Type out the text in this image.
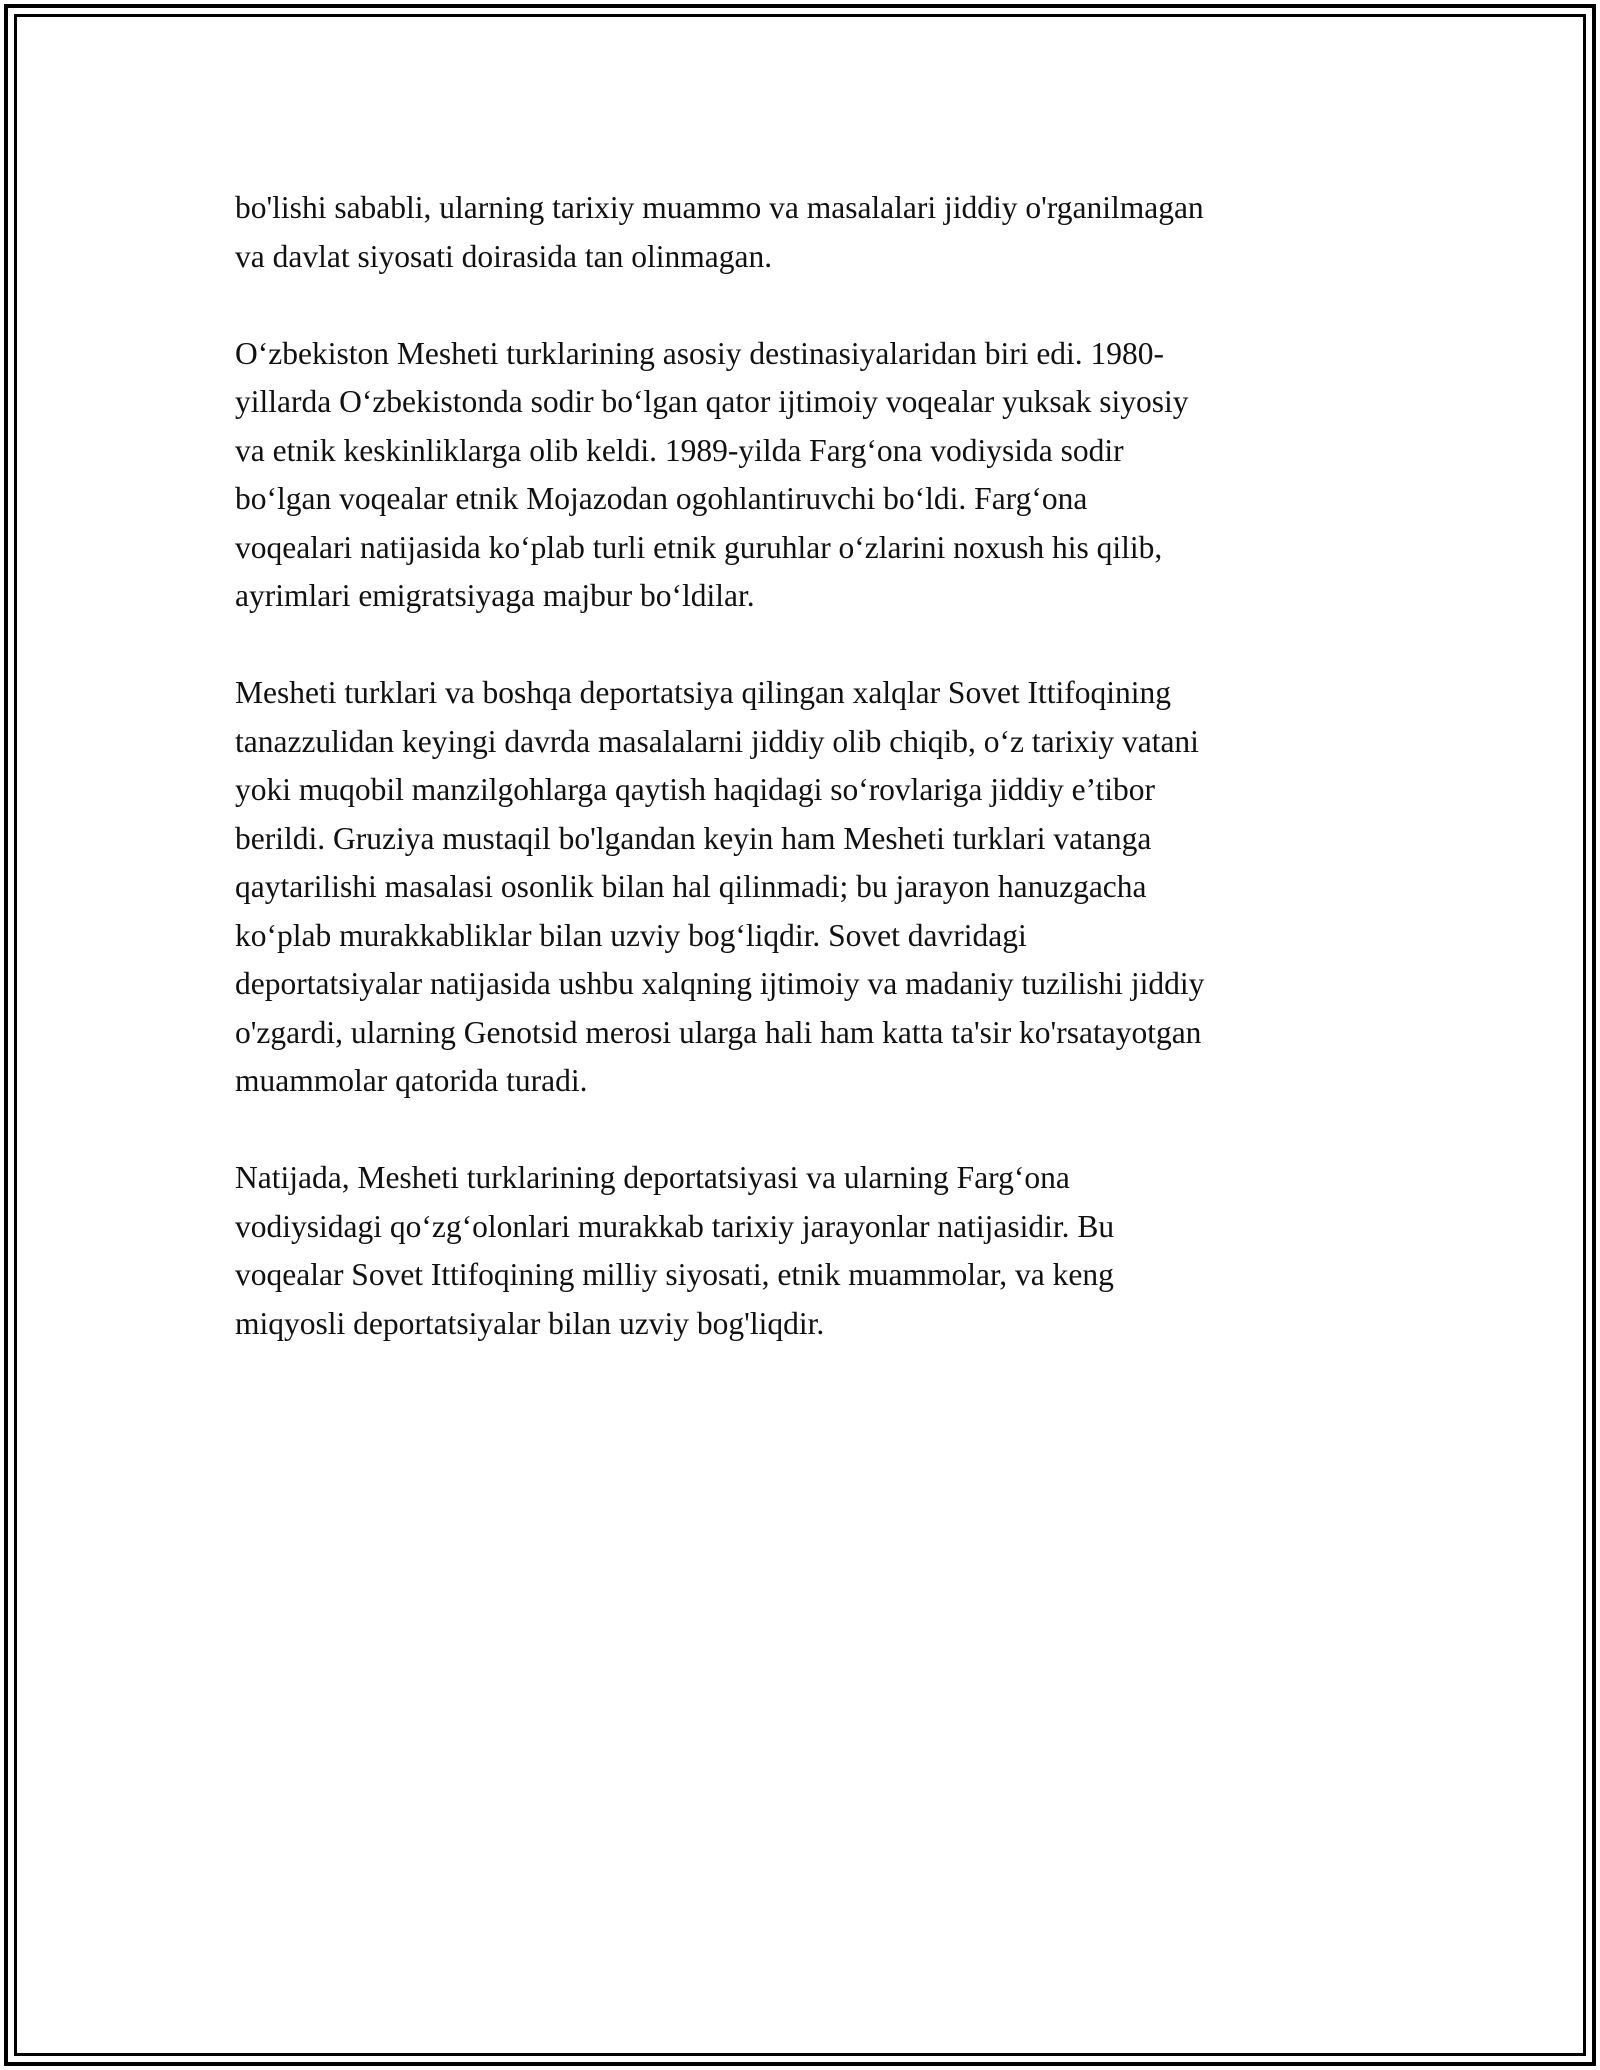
bo'lishi sababli, ularning tarixiy muammo va masalalari jiddiy o'rganilmagan
va davlat siyosati doirasida tan olinmagan.

O‘zbekiston Mesheti turklarining asosiy destinasiyalaridan biri edi. 1980-
yillarda O‘zbekistonda sodir bo‘lgan qator ijtimoiy voqealar yuksak siyosiy
va etnik keskinliklarga olib keldi. 1989-yilda Farg‘ona vodiysida sodir
bo‘lgan voqealar etnik Mojazodan ogohlantiruvchi bo‘ldi. Farg‘ona
voqealari natijasida ko‘plab turli etnik guruhlar o‘zlarini noxush his qilib,
ayrimlari emigratsiyaga majbur bo‘ldilar.

Mesheti turklari va boshqa deportatsiya qilingan xalqlar Sovet Ittifoqining
tanazzulidan keyingi davrda masalalarni jiddiy olib chiqib, o‘z tarixiy vatani
yoki muqobil manzilgohlarga qaytish haqidagi so‘rovlariga jiddiy e’tibor
berildi. Gruziya mustaqil bo'lgandan keyin ham Mesheti turklari vatanga
qaytarilishi masalasi osonlik bilan hal qilinmadi; bu jarayon hanuzgacha
ko‘plab murakkabliklar bilan uzviy bog‘liqdir. Sovet davridagi
deportatsiyalar natijasida ushbu xalqning ijtimoiy va madaniy tuzilishi jiddiy
o'zgardi, ularning Genotsid merosi ularga hali ham katta ta'sir ko'rsatayotgan
muammolar qatorida turadi.

Natijada, Mesheti turklarining deportatsiyasi va ularning Farg‘ona
vodiysidagi qo‘zg‘olonlari murakkab tarixiy jarayonlar natijasidir. Bu
voqealar Sovet Ittifoqining milliy siyosati, etnik muammolar, va keng
miqyosli deportatsiyalar bilan uzviy bog'liqdir.
